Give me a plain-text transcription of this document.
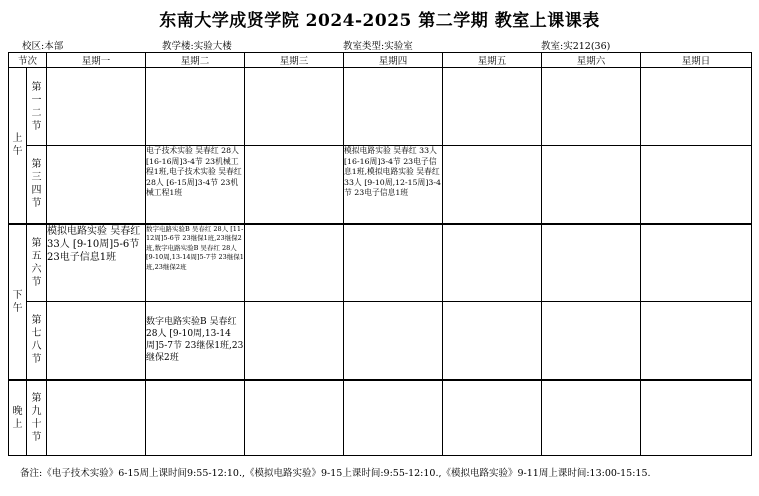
东南大学成贤学院 2024-2025 第二学期 教室上课课表
校区:本部	教学楼:实验大楼	教室类型:实验室	教室:实212(36)
节次		星期一	星期二	星期三	星期四	星期五	星期六	星期日
上午	第一二节							
	第三四节		电子技术实验 吴春红 28人 [16-16周]3-4节 23机械工程1班,电子技术实验 吴春红 28人 [6-15周]3-4节 23机械工程1班		模拟电路实验 吴春红 33人 [16-16周]3-4节 23电子信息1班,模拟电路实验 吴春红 33人 [9-10周,12-15周]3-4节 23电子信息1班			
下午	第五六节	模拟电路实验 吴春红 33人 [9-10周]5-6节 23电子信息1班	数字电路实验B 吴春红 28人 [11-12周]5-6节 23继保1班,23继保2班,数字电路实验B 吴春红 28人 [9-10周,13-14周]5-7节 23继保1班,23继保2班					
	第七八节		数字电路实验B 吴春红 28人 [9-10周,13-14周]5-7节 23继保1班,23继保2班					
晚上	第九十节							
备注:《电子技术实验》6-15周上课时间9:55-12:10.,《模拟电路实验》9-15上课时间:9:55-12:10.,《模拟电路实验》9-11周上课时间:13:00-15:15.
